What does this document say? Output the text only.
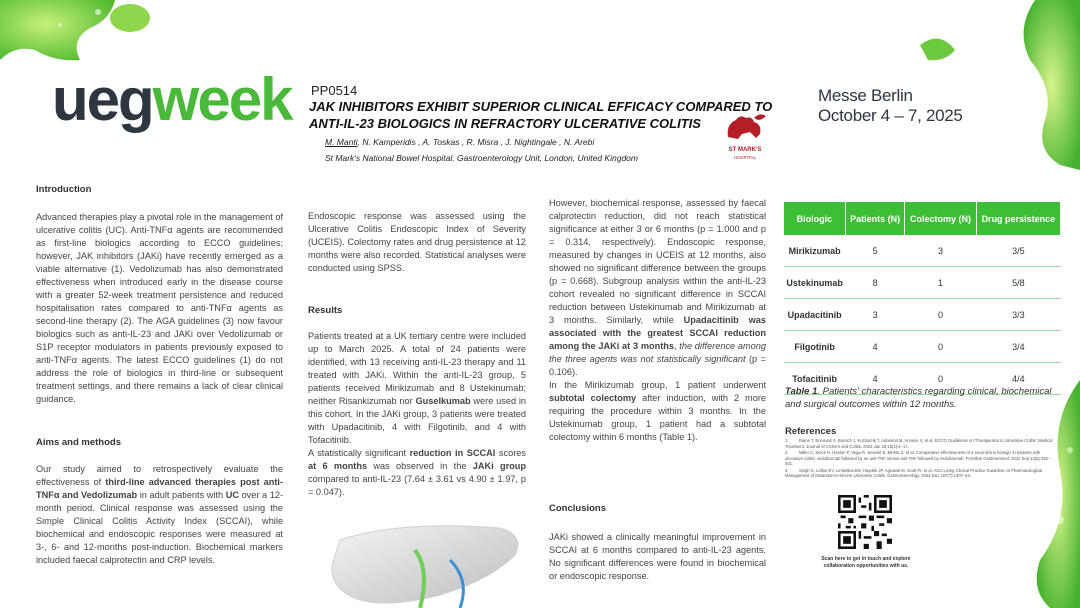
uegweek PP0514
JAK INHIBITORS EXHIBIT SUPERIOR CLINICAL EFFICACY COMPARED TO
ANTI-IL-23 BIOLOGICS IN REFRACTORY ULCERATIVE COLITIS
M. Manti, N. Kamperidis , A. Toskas , R. Misra , J. Nightingale , N. Arebi
St Mark's National Bowel Hospital, Gastroenterology Unit, London, United Kingdom
ST MARK'S
HOSPITAL
Messe Berlin
October 4 – 7, 2025
Introduction

Advanced therapies play a pivotal role in the management of ulcerative colitis (UC). Anti-TNFα agents are recommended as first-line biologics according to ECCO guidelines; however, JAK inhibitors (JAKi) have recently emerged as a viable alternative (1). Vedolizumab has also demonstrated effectiveness when introduced early in the disease course with a greater 52-week treatment persistence and reduced hospitalisation rates compared to anti-TNFα agents as second-line therapy (2). The AGA guidelines (3) now favour biologics such as anti-IL-23 and JAKi over Vedolizumab or S1P receptor modulators in patients previously exposed to anti-TNFα agents. The latest ECCO guidelines (1) do not address the role of biologics in third-line or subsequent treatment settings, and there remains a lack of clear clinical guidance.

Aims and methods

Our study aimed to retrospectively evaluate the effectiveness of third-line advanced therapies post anti-TNFα and Vedolizumab in adult patients with UC over a 12-month period. Clinical response was assessed using the Simple Clinical Colitis Activity Index (SCCAI), while biochemical and endoscopic responses were measured at 3-, 6- and 12-months post-induction. Biochemical markers included faecal calprotectin and CRP levels.

Endoscopic response was assessed using the Ulcerative Colitis Endoscopic Index of Severity (UCEIS). Colectomy rates and drug persistence at 12 months were also recorded. Statistical analyses were conducted using SPSS.

Results

Patients treated at a UK tertiary centre were included up to March 2025. A total of 24 patients were identified, with 13 receiving anti-IL-23 therapy and 11 treated with JAKi. Within the anti-IL-23 group, 5 patients received Mirikizumab and 8 Ustekinumab; neither Risankizumab nor Guselkumab were used in this cohort. In the JAKi group, 3 patients were treated with Upadacitinib, 4 with Filgotinib, and 4 with Tofacitinib.

A statistically significant reduction in SCCAI scores at 6 months was observed in the JAKi group compared to anti-IL-23 (7.64 ± 3.61 vs 4.90 ± 1.97, p = 0.047).

However, biochemical response, assessed by faecal calprotectin reduction, did not reach statistical significance at either 3 or 6 months (p = 1.000 and p = 0.314, respectively). Endoscopic response, measured by changes in UCEIS at 12 months, also showed no significant difference between the groups (p = 0.668). Subgroup analysis within the anti-IL-23 cohort revealed no significant difference in SCCAI reduction between Ustekinumab and Mirikizumab at 3 months. Similarly, while Upadacitinib was associated with the greatest SCCAI reduction among the JAKi at 3 months, the difference among the three agents was not statistically significant (p = 0.106).

In the Mirikizumab group, 1 patient underwent subtotal colectomy after induction, with 2 more requiring the procedure within 3 months. In the Ustekinumab group, 1 patient had a subtotal colectomy within 6 months (Table 1).

Conclusions

JAKi showed a clinically meaningful improvement in SCCAI at 6 months compared to anti-IL-23 agents. No significant differences were found in biochemical or endoscopic response.

Biologic	Patients (N)	Colectomy (N)	Drug persistence
Mirikizumab	5	3	3/5
Ustekinumab	8	1	5/8
Upadacitinib	3	0	3/3
Filgotinib	4	0	3/4
Tofacitinib	4	0	4/4
Table 1. Patients' characteristics regarding clinical, biochemical and surgical outcomes within 12 months.
References

1.         Raine T, Bonovas S, Burisch J, Kucharzik T, Adamina M, Annese V, et al. ECCO Guidelines on Therapeutics in Ulcerative Colitis: Medical Treatment. Journal of Crohn's and Colitis. 2022 Jan 28;16(1):2–17.

2.         Miller C, Kieck H, Hanlon P, Vega R, Seward E, Mehta S, et al. Comparative effectiveness of a second-line biologic in patients with ulcerative colitis: vedolizumab followed by an anti-TNF versus anti-TNF followed by vedolizumab. Frontline Gastroenterol. 2022 Sep;13(5):392–401.

3.         Singh S, Loftus EV, Limketkai BN, Haydek JP, Agrawal M, Scott FI, et al. AGA Living Clinical Practice Guideline on Pharmacological Management of Moderate-to-Severe Ulcerative Colitis. Gastroenterology. 2024 Dec;167(7):1307–43.

Scan here to get in touch and explore collaboration opportunities with us.
